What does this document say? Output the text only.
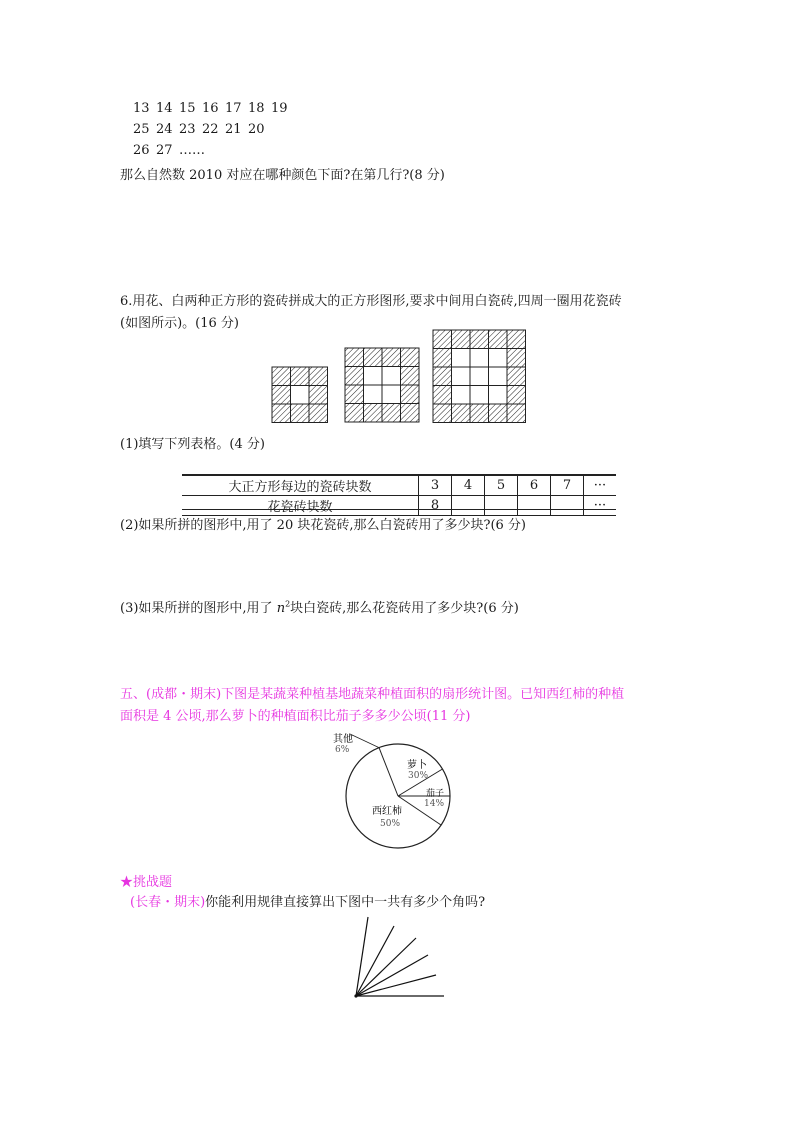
13 14 15 16 17 18 19
25 24 23 22 21 20
26 27 ……
那么自然数 2010 对应在哪种颜色下面?在第几行?(8 分)
6.用花、白两种正方形的瓷砖拼成大的正方形图形,要求中间用白瓷砖,四周一圈用花瓷砖
(如图所示)。(16 分)
(1)填写下列表格。(4 分)
大正方形每边的瓷砖块数	3	4	5	6	7	···
花瓷砖块数	8					···
(2)如果所拼的图形中,用了 20 块花瓷砖,那么白瓷砖用了多少块?(6 分)
(3)如果所拼的图形中,用了 $n^2$块白瓷砖,那么花瓷砖用了多少块?(6 分)
五、(成都・期末)下图是某蔬菜种植基地蔬菜种植面积的扇形统计图。已知西红柿的种植
面积是 4 公顷,那么萝卜的种植面积比茄子多多少公顷(11 分)
其他
6%
萝卜
30%
茄子
14%
西红柿
50%
★挑战题
(长春・期末)你能利用规律直接算出下图中一共有多少个角吗?
